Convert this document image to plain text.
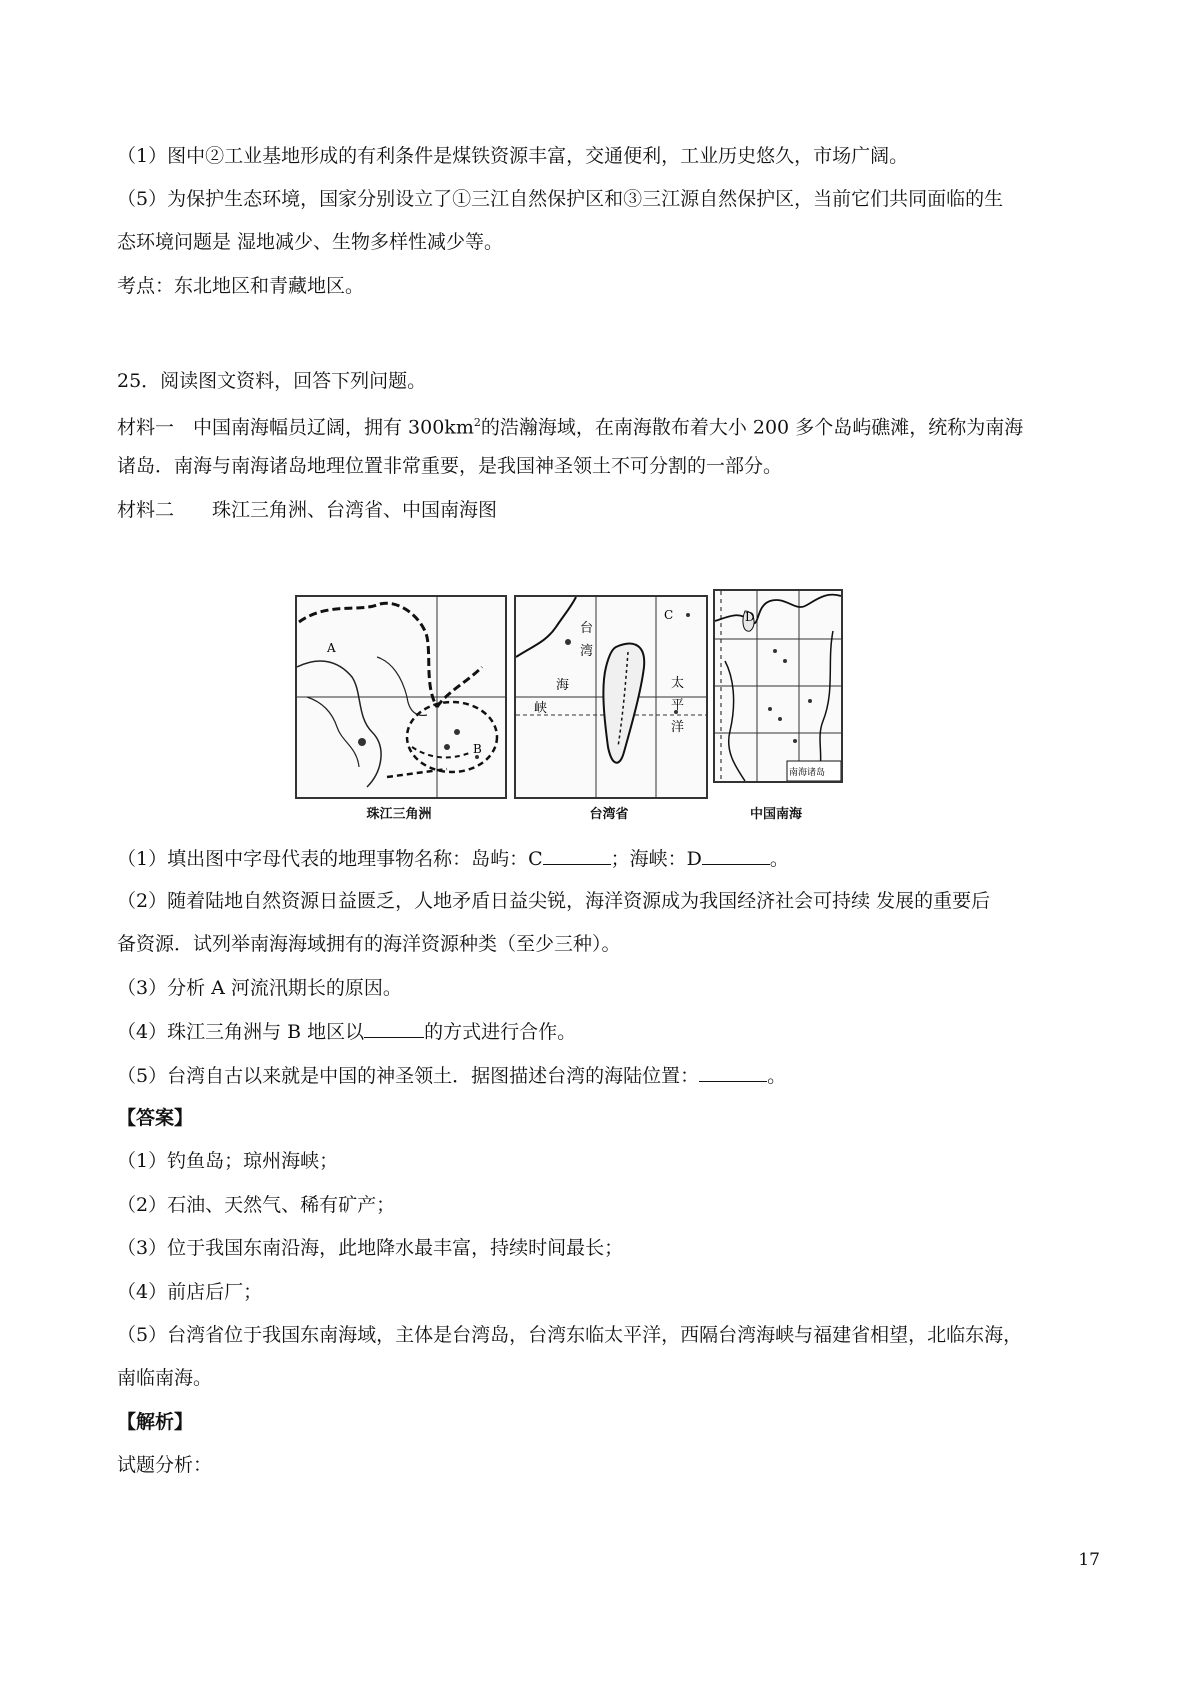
（1）图中②工业基地形成的有利条件是煤铁资源丰富，交通便利，工业历史悠久，市场广阔。
（5）为保护生态环境，国家分别设立了①三江自然保护区和③三江源自然保护区，当前它们共同面临的生
态环境问题是 湿地减少、生物多样性减少等。
考点：东北地区和青藏地区。
25．阅读图文资料，回答下列问题。
材料一　中国南海幅员辽阔，拥有 $300km^2$的浩瀚海域，在南海散布着大小 200 多个岛屿礁滩，统称为南海
诸岛．南海与南海诸岛地理位置非常重要，是我国神圣领土不可分割的一部分。
材料二　　珠江三角洲、台湾省、中国南海图
A
B
珠江三角洲
C
台
湾
海
峡
太
平
洋
台湾省
D
南海诸岛
中国南海
（1）填出图中字母代表的地理事物名称：岛屿：C	；海峡：D	。
（2）随着陆地自然资源日益匮乏，人地矛盾日益尖锐，海洋资源成为我国经济社会可持续 发展的重要后
备资源．试列举南海海域拥有的海洋资源种类（至少三种）。
（3）分析 A 河流汛期长的原因。
（4）珠江三角洲与 B 地区以	的方式进行合作。
（5）台湾自古以来就是中国的神圣领土．据图描述台湾的海陆位置：	。
【答案】
（1）钓鱼岛；琼州海峡；
（2）石油、天然气、稀有矿产；
（3）位于我国东南沿海，此地降水最丰富，持续时间最长；
（4）前店后厂；
（5）台湾省位于我国东南海域，主体是台湾岛，台湾东临太平洋，西隔台湾海峡与福建省相望，北临东海，
南临南海。
【解析】
试题分析：
17
